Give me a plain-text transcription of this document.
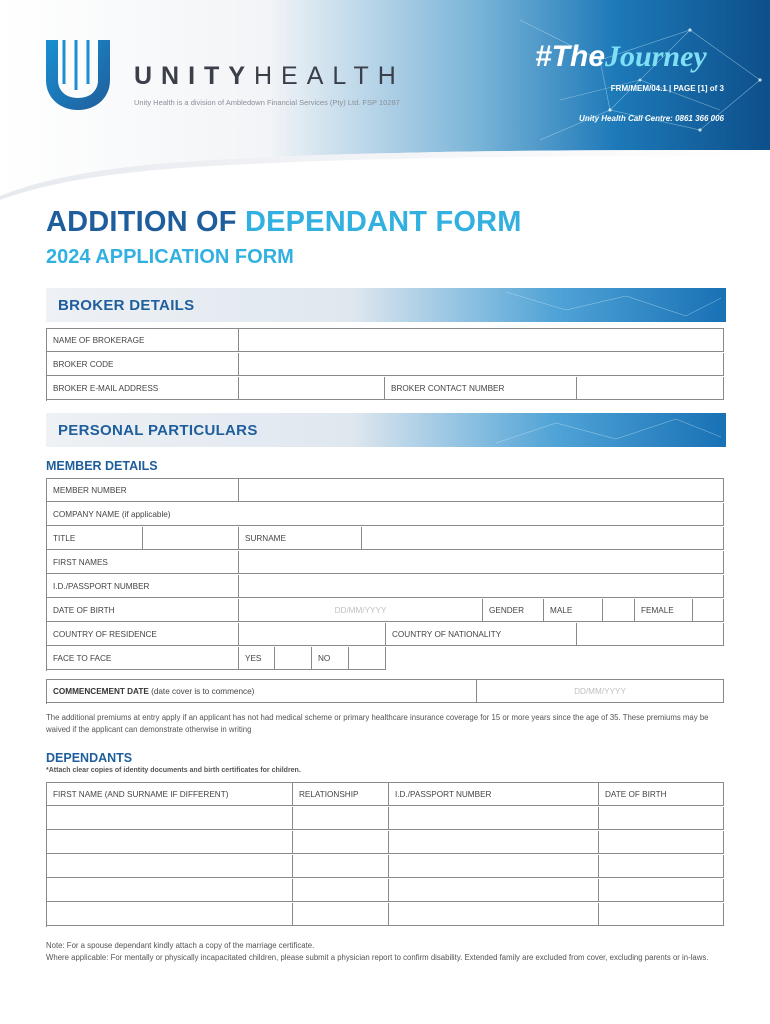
UNITYHEALTH
Unity Health is a division of Ambledown Financial Services (Pty) Ltd. FSP 10287
#TheJourney
FRM/MEM/04.1 | PAGE [1] of 3
Unity Health Call Centre: 0861 366 006
ADDITION OF DEPENDANT FORM
2024 APPLICATION FORM
BROKER DETAILS
NAME OF BROKERAGE
BROKER CODE
BROKER E-MAIL ADDRESS	BROKER CONTACT NUMBER
PERSONAL PARTICULARS
MEMBER DETAILS
MEMBER NUMBER
COMPANY NAME (if applicable)
TITLE	SURNAME
FIRST NAMES
I.D./PASSPORT NUMBER
DATE OF BIRTH	DD/MM/YYYY	GENDER	MALE	FEMALE
COUNTRY OF RESIDENCE	COUNTRY OF NATIONALITY
FACE TO FACE	YES	NO
COMMENCEMENT DATE (date cover is to commence)	DD/MM/YYYY
The additional premiums at entry apply if an applicant has not had medical scheme or primary healthcare insurance coverage for 15 or more years since the age of 35. These premiums may be waived if the applicant can demonstrate otherwise in writing
DEPENDANTS
*Attach clear copies of identity documents and birth certificates for children.
FIRST NAME (AND SURNAME IF DIFFERENT)	RELATIONSHIP	I.D./PASSPORT NUMBER	DATE OF BIRTH
Note: For a spouse dependant kindly attach a copy of the marriage certificate.
Where applicable: For mentally or physically incapacitated children, please submit a physician report to confirm disability. Extended family are excluded from cover, excluding parents or in-laws.
